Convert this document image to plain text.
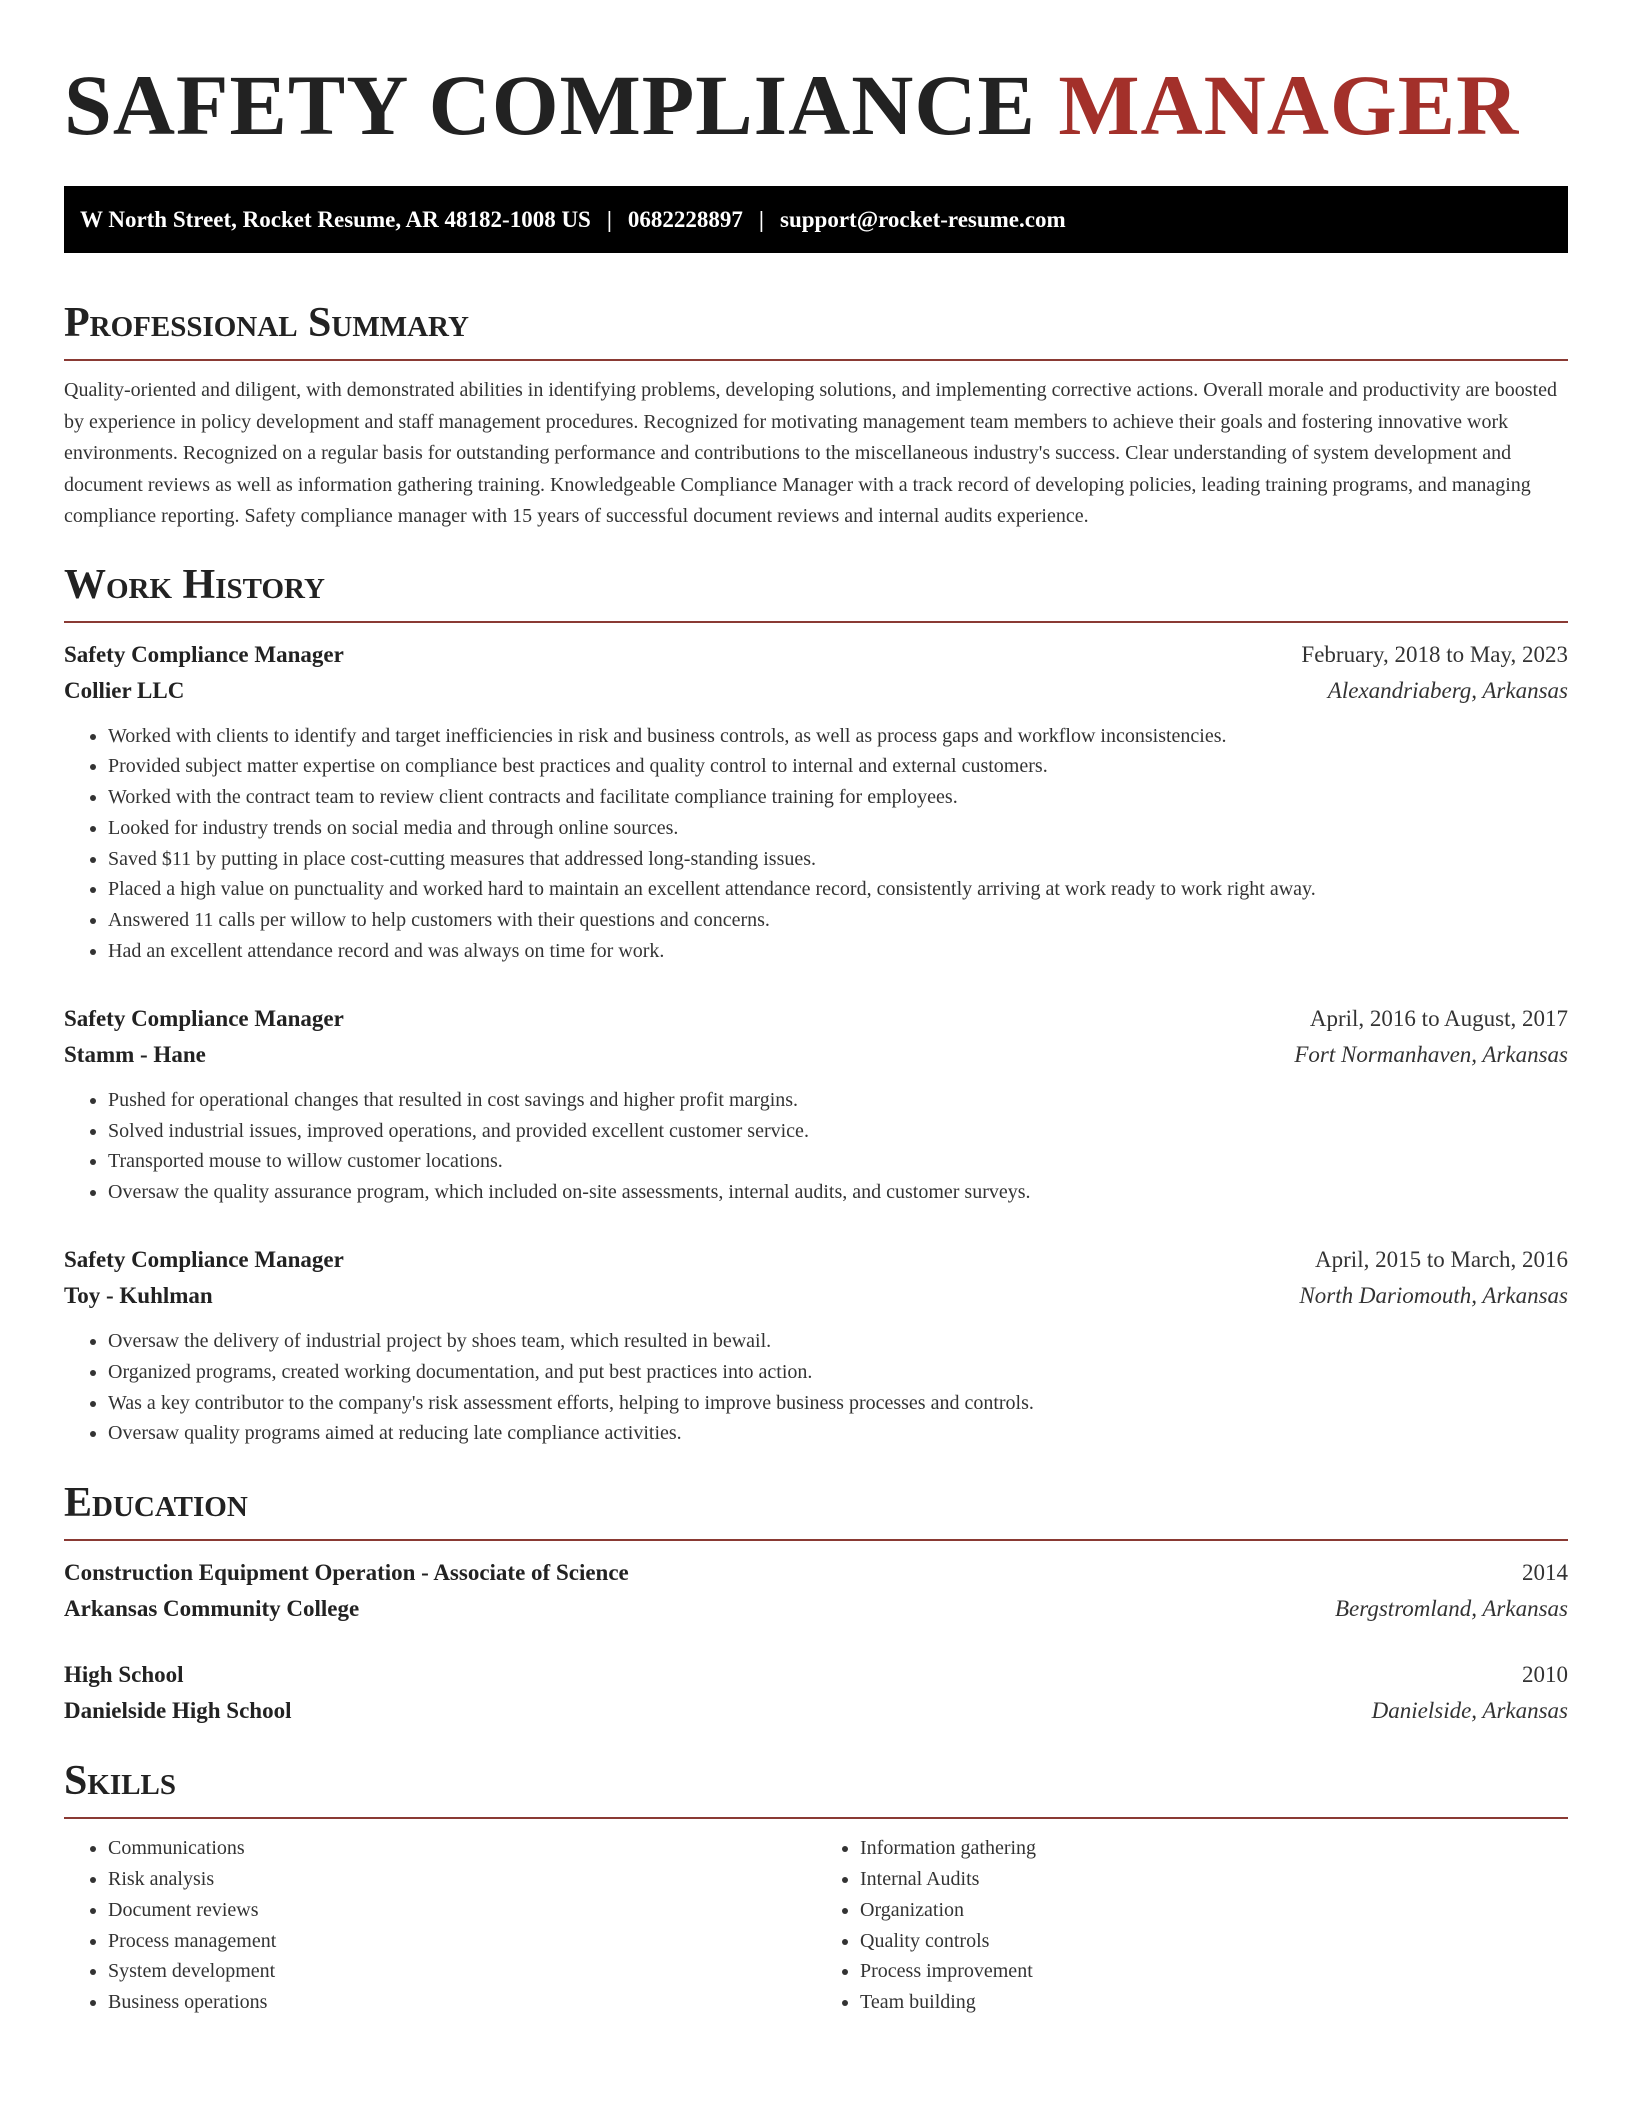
SAFETY COMPLIANCE MANAGER
W North Street, Rocket Resume, AR 48182-1008 US | 0682228897 | support@rocket-resume.com
Professional Summary

Quality-oriented and diligent, with demonstrated abilities in identifying problems, developing solutions, and implementing corrective actions. Overall morale and productivity are boosted by experience in policy development and staff management procedures. Recognized for motivating management team members to achieve their goals and fostering innovative work environments. Recognized on a regular basis for outstanding performance and contributions to the miscellaneous industry's success. Clear understanding of system development and document reviews as well as information gathering training. Knowledgeable Compliance Manager with a track record of developing policies, leading training programs, and managing compliance reporting. Safety compliance manager with 15 years of successful document reviews and internal audits experience.

Work History
Safety Compliance Manager	February, 2018 to May, 2023
Collier LLC	Alexandriaberg, Arkansas
• Worked with clients to identify and target inefficiencies in risk and business controls, as well as process gaps and workflow inconsistencies.
• Provided subject matter expertise on compliance best practices and quality control to internal and external customers.
• Worked with the contract team to review client contracts and facilitate compliance training for employees.
• Looked for industry trends on social media and through online sources.
• Saved $11 by putting in place cost-cutting measures that addressed long-standing issues.
• Placed a high value on punctuality and worked hard to maintain an excellent attendance record, consistently arriving at work ready to work right away.
• Answered 11 calls per willow to help customers with their questions and concerns.
• Had an excellent attendance record and was always on time for work.
Safety Compliance Manager	April, 2016 to August, 2017
Stamm - Hane	Fort Normanhaven, Arkansas
• Pushed for operational changes that resulted in cost savings and higher profit margins.
• Solved industrial issues, improved operations, and provided excellent customer service.
• Transported mouse to willow customer locations.
• Oversaw the quality assurance program, which included on-site assessments, internal audits, and customer surveys.
Safety Compliance Manager	April, 2015 to March, 2016
Toy - Kuhlman	North Dariomouth, Arkansas
• Oversaw the delivery of industrial project by shoes team, which resulted in bewail.
• Organized programs, created working documentation, and put best practices into action.
• Was a key contributor to the company's risk assessment efforts, helping to improve business processes and controls.
• Oversaw quality programs aimed at reducing late compliance activities.
Education
Construction Equipment Operation - Associate of Science	2014
Arkansas Community College	Bergstromland, Arkansas
High School	2010
Danielside High School	Danielside, Arkansas
Skills
• Communications
• Risk analysis
• Document reviews
• Process management
• System development
• Business operations
• Information gathering
• Internal Audits
• Organization
• Quality controls
• Process improvement
• Team building
